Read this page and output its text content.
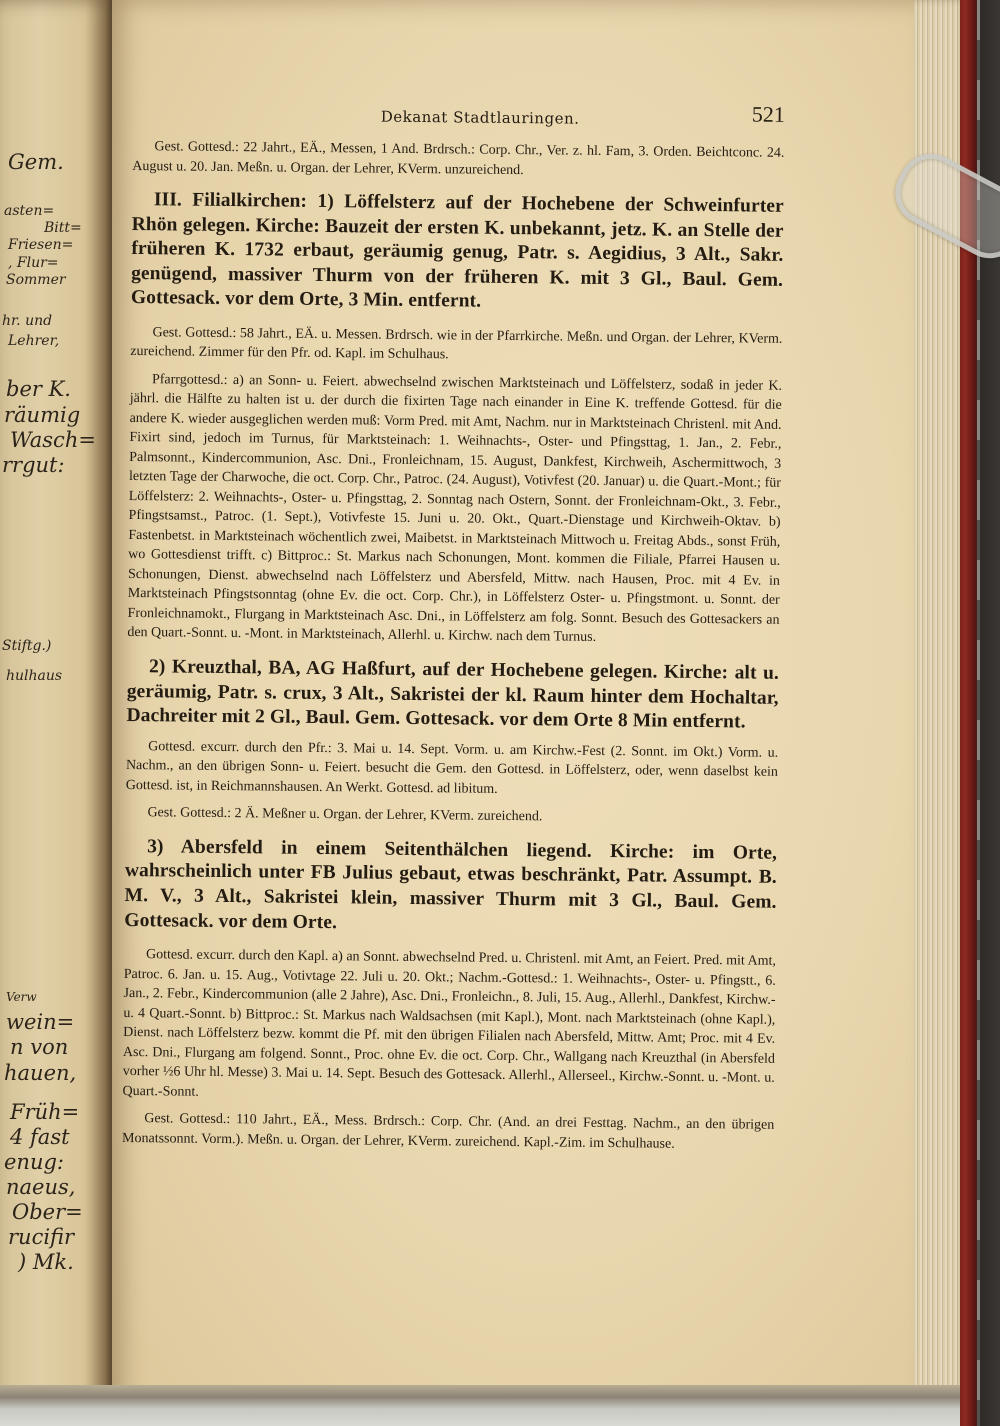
Gem.
asten=
Bitt=
Friesen=
, Flur=
Sommer
hr. und
Lehrer,
ber K.
räumig
Wasch=
rrgut:
Stiftg.)
hulhaus
Verw
wein=
n von
hauen,
Früh=
4 fast
enug:
naeus,
Ober=
rucifir
) Mk.
Dekanat Stadtlauringen.	521

Gest. Gottesd.: 22 Jahrt., EÄ., Messen, 1 And. Brdrsch.: Corp. Chr., Ver. z. hl. Fam, 3. Orden. Beichtconc. 24. August u. 20. Jan. Meßn. u. Organ. der Lehrer, KVerm. unzureichend.

III. Filialkirchen: 1) Löffelsterz auf der Hochebene der Schweinfurter Rhön gelegen. Kirche: Bauzeit der ersten K. unbekannt, jetz. K. an Stelle der früheren K. 1732 erbaut, geräumig genug, Patr. s. Aegidius, 3 Alt., Sakr. genügend, massiver Thurm von der früheren K. mit 3 Gl., Baul. Gem. Gottesack. vor dem Orte, 3 Min. entfernt.

Gest. Gottesd.: 58 Jahrt., EÄ. u. Messen. Brdrsch. wie in der Pfarrkirche. Meßn. und Organ. der Lehrer, KVerm. zureichend. Zimmer für den Pfr. od. Kapl. im Schulhaus.

Pfarrgottesd.: a) an Sonn- u. Feiert. abwechselnd zwischen Marktsteinach und Löffelsterz, sodaß in jeder K. jährl. die Hälfte zu halten ist u. der durch die fixirten Tage nach einander in Eine K. treffende Gottesd. für die andere K. wieder ausgeglichen werden muß: Vorm Pred. mit Amt, Nachm. nur in Marktsteinach Christenl. mit And. Fixirt sind, jedoch im Turnus, für Marktsteinach: 1. Weihnachts-, Oster- und Pfingsttag, 1. Jan., 2. Febr., Palmsonnt., Kindercommunion, Asc. Dni., Fronleichnam, 15. August, Dankfest, Kirchweih, Aschermittwoch, 3 letzten Tage der Charwoche, die oct. Corp. Chr., Patroc. (24. August), Votivfest (20. Januar) u. die Quart.-Mont.; für Löffelsterz: 2. Weihnachts-, Oster- u. Pfingsttag, 2. Sonntag nach Ostern, Sonnt. der Fronleichnam-Okt., 3. Febr., Pfingstsamst., Patroc. (1. Sept.), Votivfeste 15. Juni u. 20. Okt., Quart.-Dienstage und Kirchweih-Oktav. b) Fastenbetst. in Marktsteinach wöchentlich zwei, Maibetst. in Marktsteinach Mittwoch u. Freitag Abds., sonst Früh, wo Gottesdienst trifft. c) Bittproc.: St. Markus nach Schonungen, Mont. kommen die Filiale, Pfarrei Hausen u. Schonungen, Dienst. abwechselnd nach Löffelsterz und Abersfeld, Mittw. nach Hausen, Proc. mit 4 Ev. in Marktsteinach Pfingstsonntag (ohne Ev. die oct. Corp. Chr.), in Löffelsterz Oster- u. Pfingstmont. u. Sonnt. der Fronleichnamokt., Flurgang in Marktsteinach Asc. Dni., in Löffelsterz am folg. Sonnt. Besuch des Gottesackers an den Quart.-Sonnt. u. -Mont. in Marktsteinach, Allerhl. u. Kirchw. nach dem Turnus.

2) Kreuzthal, BA, AG Haßfurt, auf der Hochebene gelegen. Kirche: alt u. geräumig, Patr. s. crux, 3 Alt., Sakristei der kl. Raum hinter dem Hochaltar, Dachreiter mit 2 Gl., Baul. Gem. Gottesack. vor dem Orte 8 Min entfernt.

Gottesd. excurr. durch den Pfr.: 3. Mai u. 14. Sept. Vorm. u. am Kirchw.-Fest (2. Sonnt. im Okt.) Vorm. u. Nachm., an den übrigen Sonn- u. Feiert. besucht die Gem. den Gottesd. in Löffelsterz, oder, wenn daselbst kein Gottesd. ist, in Reichmannshausen. An Werkt. Gottesd. ad libitum.

Gest. Gottesd.: 2 Ä. Meßner u. Organ. der Lehrer, KVerm. zureichend.

3) Abersfeld in einem Seitenthälchen liegend. Kirche: im Orte, wahrscheinlich unter FB Julius gebaut, etwas beschränkt, Patr. Assumpt. B. M. V., 3 Alt., Sakristei klein, massiver Thurm mit 3 Gl., Baul. Gem. Gottesack. vor dem Orte.

Gottesd. excurr. durch den Kapl. a) an Sonnt. abwechselnd Pred. u. Christenl. mit Amt, an Feiert. Pred. mit Amt, Patroc. 6. Jan. u. 15. Aug., Votivtage 22. Juli u. 20. Okt.; Nachm.-Gottesd.: 1. Weihnachts-, Oster- u. Pfingstt., 6. Jan., 2. Febr., Kindercommunion (alle 2 Jahre), Asc. Dni., Fronleichn., 8. Juli, 15. Aug., Allerhl., Dankfest, Kirchw.- u. 4 Quart.-Sonnt. b) Bittproc.: St. Markus nach Waldsachsen (mit Kapl.), Mont. nach Marktsteinach (ohne Kapl.), Dienst. nach Löffelsterz bezw. kommt die Pf. mit den übrigen Filialen nach Abersfeld, Mittw. Amt; Proc. mit 4 Ev. Asc. Dni., Flurgang am folgend. Sonnt., Proc. ohne Ev. die oct. Corp. Chr., Wallgang nach Kreuzthal (in Abersfeld vorher ½6 Uhr hl. Messe) 3. Mai u. 14. Sept. Besuch des Gottesack. Allerhl., Allerseel., Kirchw.-Sonnt. u. -Mont. u. Quart.-Sonnt.

Gest. Gottesd.: 110 Jahrt., EÄ., Mess. Brdrsch.: Corp. Chr. (And. an drei Festtag. Nachm., an den übrigen Monatssonnt. Vorm.). Meßn. u. Organ. der Lehrer, KVerm. zureichend. Kapl.-Zim. im Schulhause.
